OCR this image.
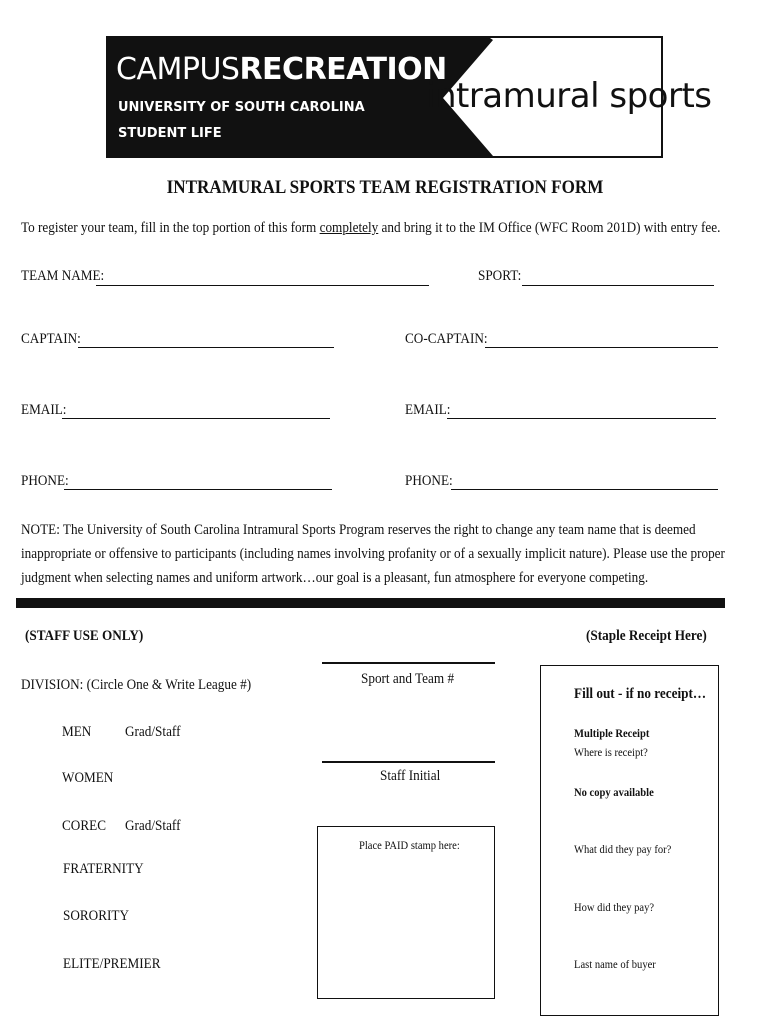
CAMPUSRECREATION
UNIVERSITY OF SOUTH CAROLINA
STUDENT LIFE
intramural sports
INTRAMURAL SPORTS TEAM REGISTRATION FORM
To register your team, fill in the top portion of this form completely and bring it to the IM Office (WFC Room 201D) with entry fee.
TEAM NAME:	SPORT:
CAPTAIN:	CO-CAPTAIN:
EMAIL:	EMAIL:
PHONE:	PHONE:
NOTE: The University of South Carolina Intramural Sports Program reserves the right to change any team name that is deemed
inappropriate or offensive to participants (including names involving profanity or of a sexually implicit nature). Please use the proper
judgment when selecting names and uniform artwork…our goal is a pleasant, fun atmosphere for everyone competing.
(STAFF USE ONLY)	(Staple Receipt Here)
DIVISION: (Circle One & Write League #)
MEN Grad/Staff
WOMEN
COREC Grad/Staff
FRATERNITY
SORORITY
ELITE/PREMIER
Sport and Team #
Staff Initial
Place PAID stamp here:
Fill out - if no receipt…
Multiple Receipt
Where is receipt?
No copy available
What did they pay for?
How did they pay?
Last name of buyer
